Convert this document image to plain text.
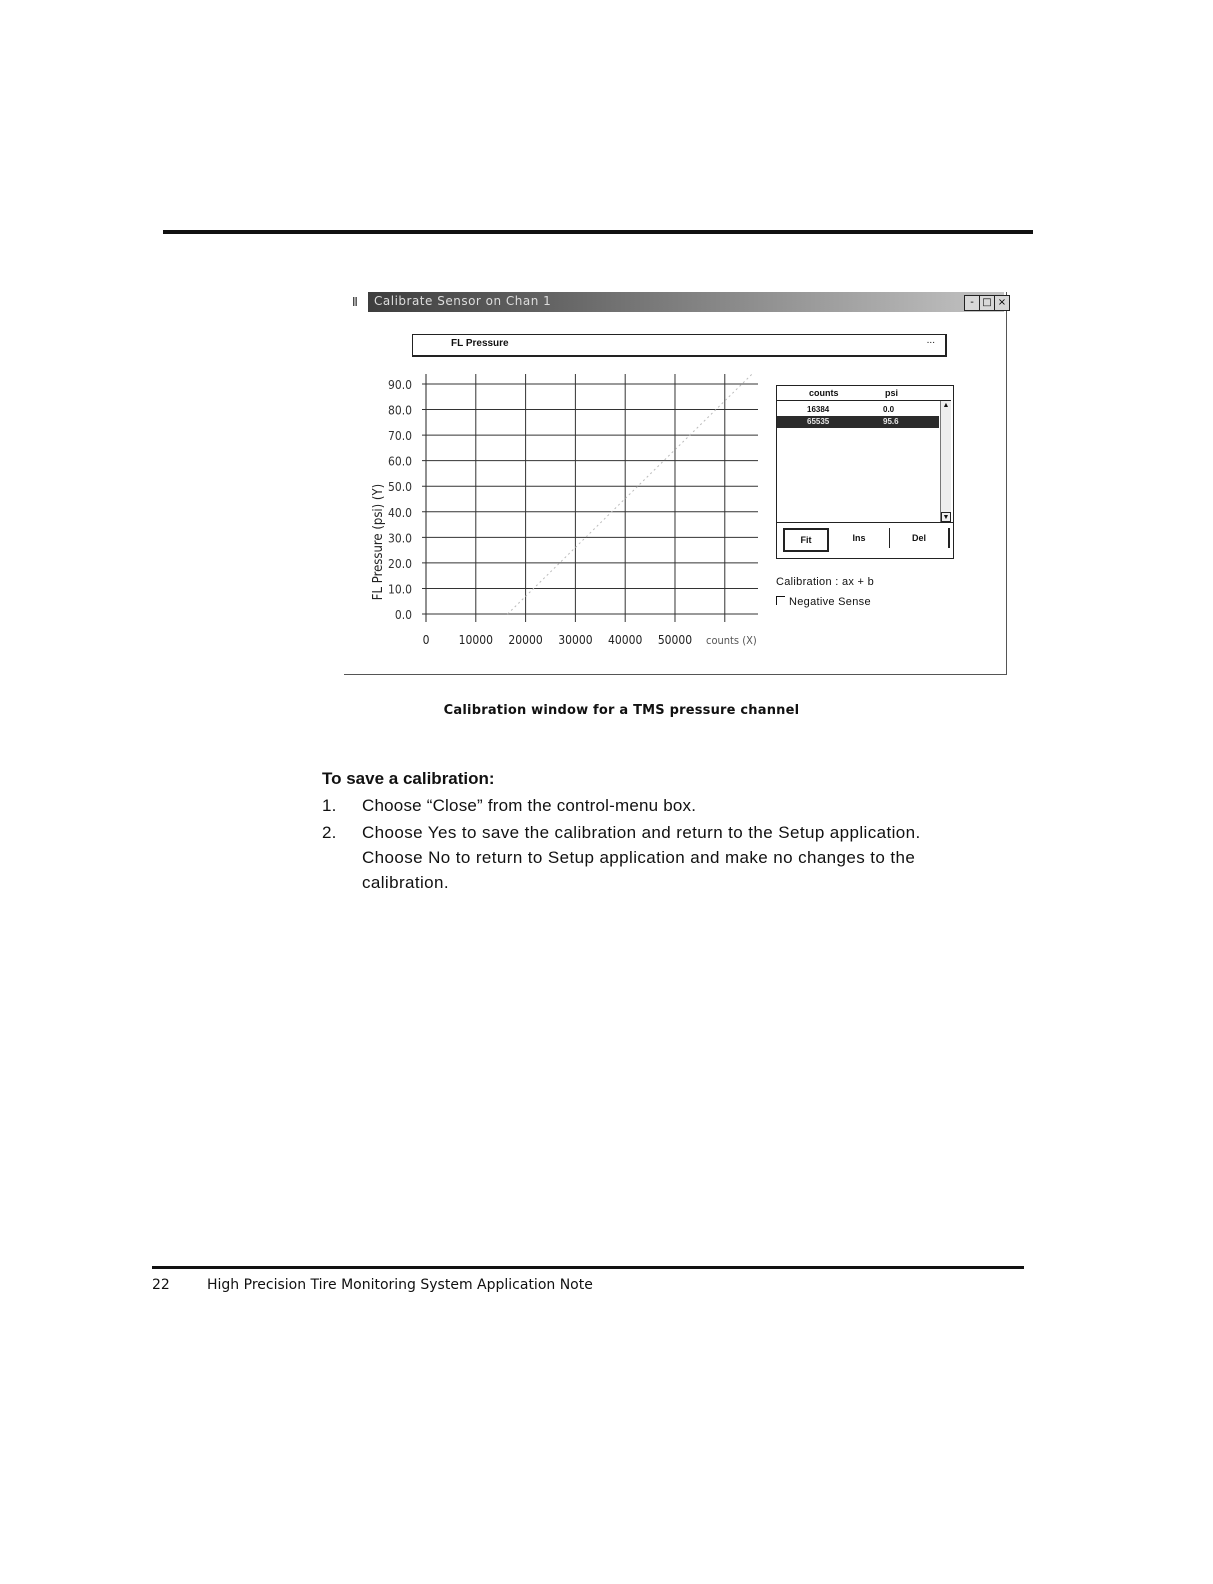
Ⅱ	Calibrate Sensor on Chan 1	- □ ×
FL Pressure	...
90.0
80.0
70.0
60.0
50.0
40.0
30.0
20.0
10.0
0.0
0 10000 20000 30000 40000 50000
FL Pressure (psi) (Y)
counts (X)
counts	psi
16384	0.0
65535	95.6
▲
▼
Fit	Ins	Del
Calibration : ax + b
Negative Sense
Calibration window for a TMS pressure channel
To save a calibration:
1. Choose “Close” from the control-menu box.
2. Choose Yes to save the calibration and return to the Setup application.
Choose No to return to Setup application and make no changes to the
calibration.
22	High Precision Tire Monitoring System Application Note
